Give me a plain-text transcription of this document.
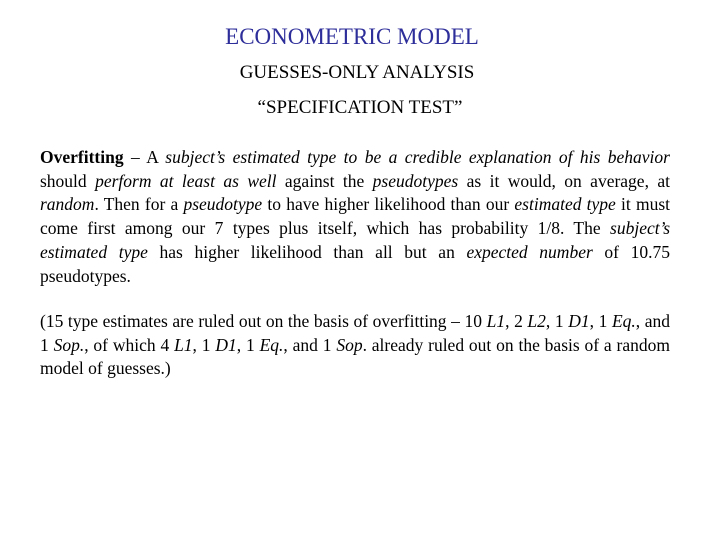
ECONOMETRIC MODEL
GUESSES-ONLY ANALYSIS
“SPECIFICATION TEST”

Overfitting – A subject’s estimated type to be a credible explanation of his behavior should perform at least as well against the pseudotypes as it would, on average, at random. Then for a pseudotype to have higher likelihood than our estimated type it must come first among our 7 types plus itself, which has probability 1/8. The subject’s estimated type has higher likelihood than all but an expected number of 10.75 pseudotypes.

(15 type estimates are ruled out on the basis of overfitting – 10 L1, 2 L2, 1 D1, 1 Eq., and 1 Sop., of which 4 L1, 1 D1, 1 Eq., and 1 Sop. already ruled out on the basis of a random model of guesses.)
